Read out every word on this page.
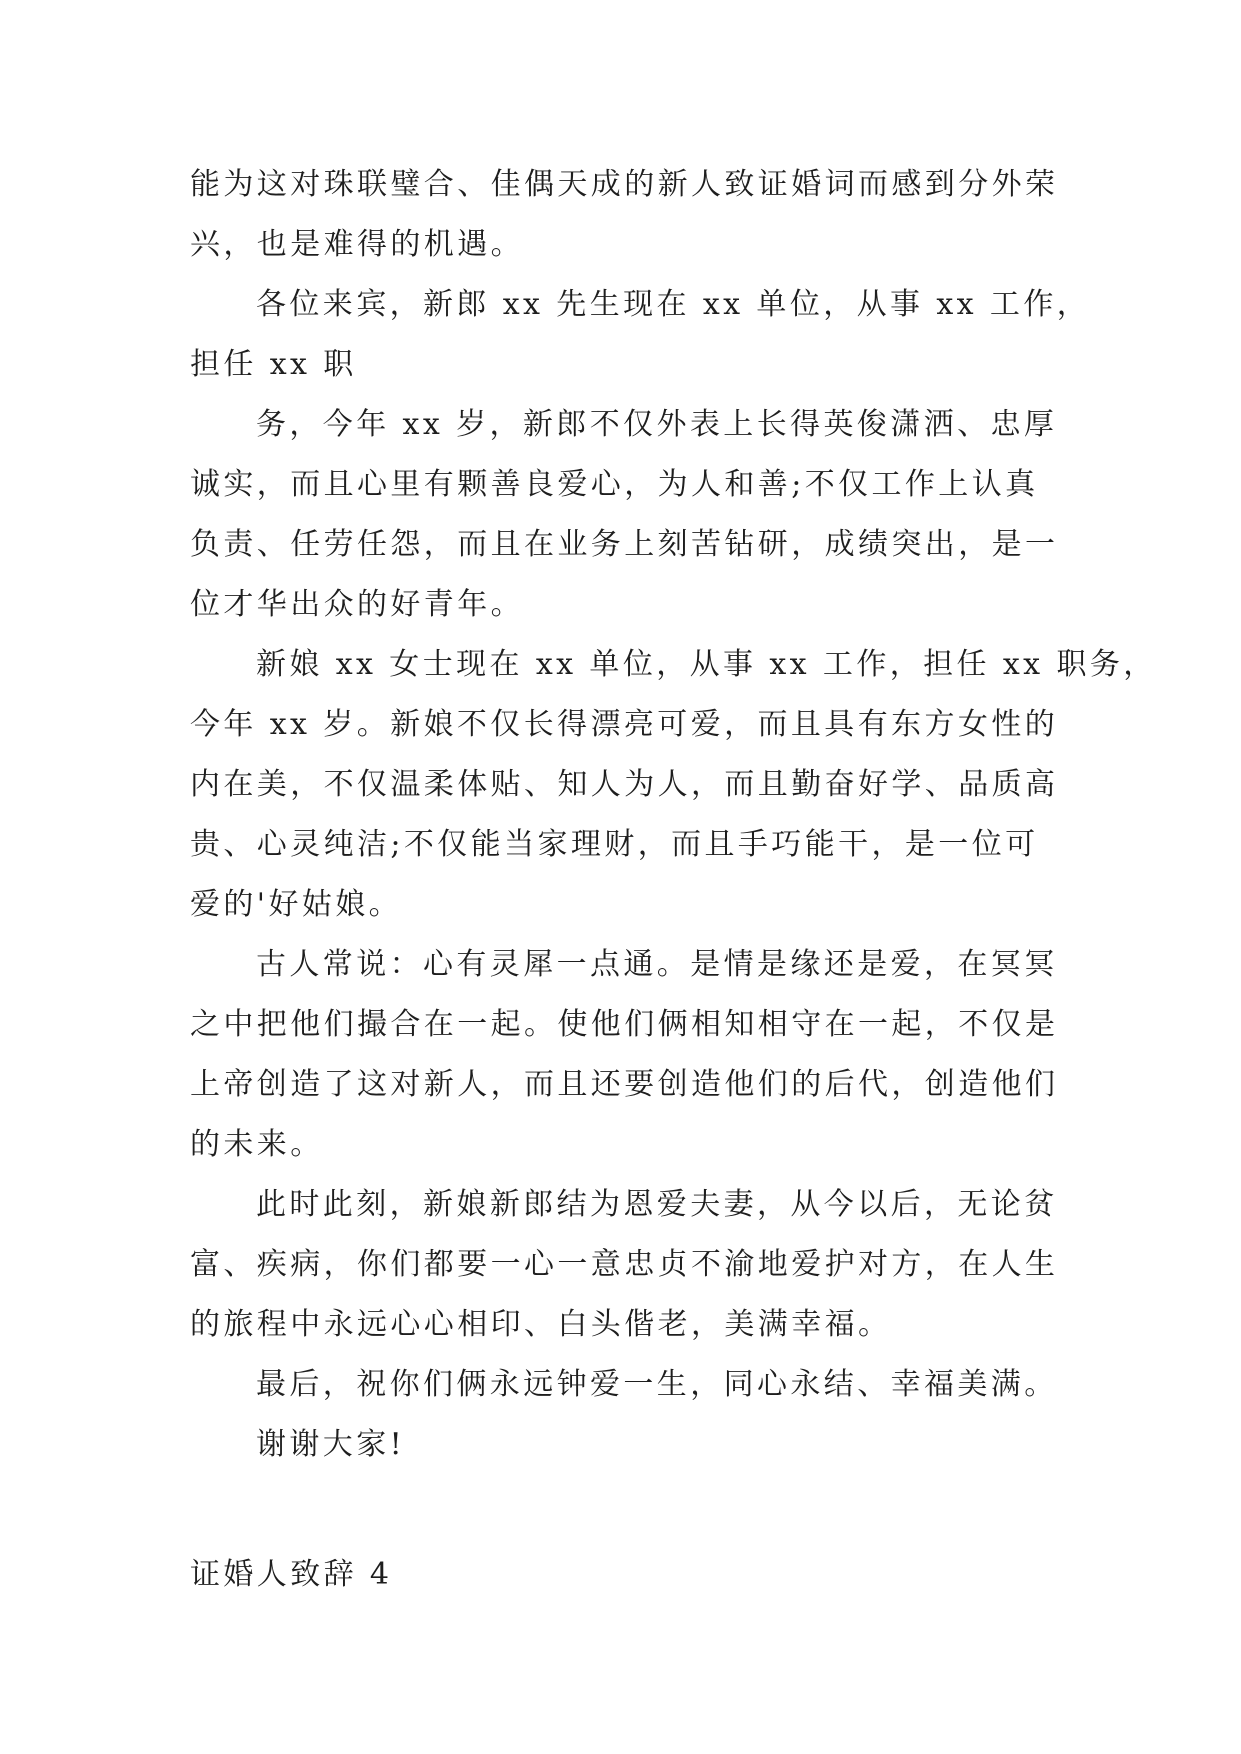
能为这对珠联璧合、佳偶天成的新人致证婚词而感到分外荣
兴，也是难得的机遇。
各位来宾，新郎 xx 先生现在 xx 单位，从事 xx 工作，
担任 xx 职
务，今年 xx 岁，新郎不仅外表上长得英俊潇洒、忠厚
诚实，而且心里有颗善良爱心，为人和善;不仅工作上认真
负责、任劳任怨，而且在业务上刻苦钻研，成绩突出，是一
位才华出众的好青年。
新娘 xx 女士现在 xx 单位，从事 xx 工作，担任 xx 职务，
今年 xx 岁。新娘不仅长得漂亮可爱，而且具有东方女性的
内在美，不仅温柔体贴、知人为人，而且勤奋好学、品质高
贵、心灵纯洁;不仅能当家理财，而且手巧能干，是一位可
爱的'好姑娘。
古人常说：心有灵犀一点通。是情是缘还是爱，在冥冥
之中把他们撮合在一起。使他们俩相知相守在一起，不仅是
上帝创造了这对新人，而且还要创造他们的后代，创造他们
的未来。
此时此刻，新娘新郎结为恩爱夫妻，从今以后，无论贫
富、疾病，你们都要一心一意忠贞不渝地爱护对方，在人生
的旅程中永远心心相印、白头偕老，美满幸福。
最后，祝你们俩永远钟爱一生，同心永结、幸福美满。
谢谢大家!
证婚人致辞 4
